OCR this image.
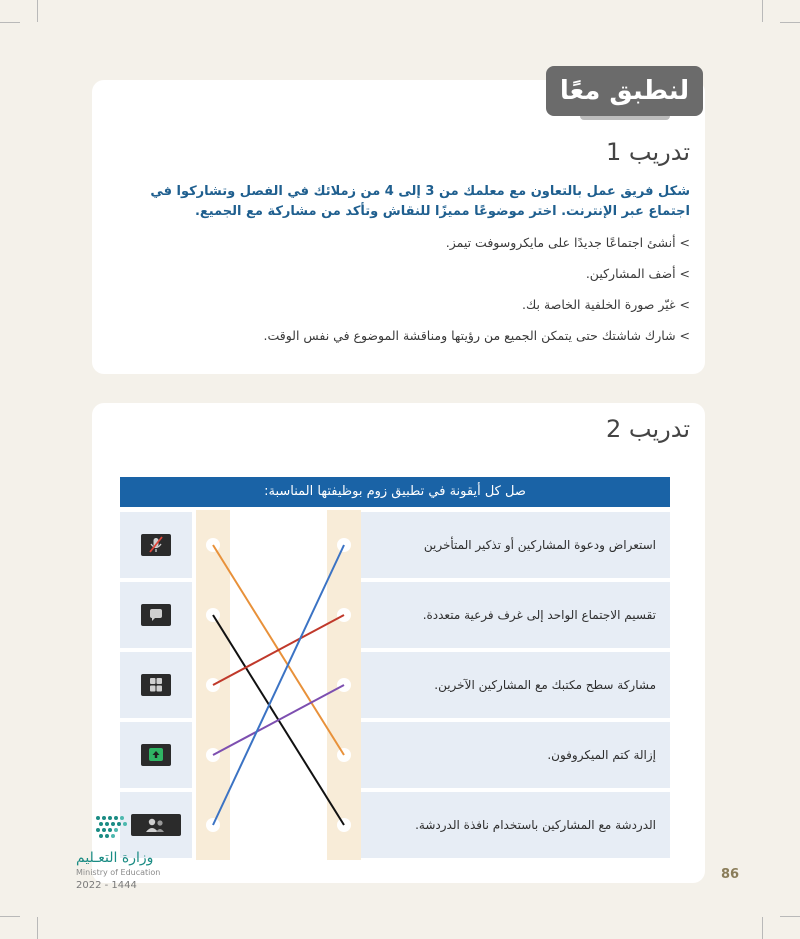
لنطبق معًا
تدريب 1
شكل فريق عمل بالتعاون مع معلمك من 3 إلى 4 من زملائك في الفصل وتشاركوا في اجتماع عبر الإنترنت. اختر موضوعًا مميزًا للنقاش وتأكد من مشاركة مع الجميع.
> أنشئ اجتماعًا جديدًا على مايكروسوفت تيمز.
> أضف المشاركين.
> غيّر صورة الخلفية الخاصة بك.
> شارك شاشتك حتى يتمكن الجميع من رؤيتها ومناقشة الموضوع في نفس الوقت.
تدريب 2
صل كل أيقونة في تطبيق زوم بوظيفتها المناسبة:
استعراض ودعوة المشاركين أو تذكير المتأخرين
تقسيم الاجتماع الواحد إلى غرف فرعية متعددة.
مشاركة سطح مكتبك مع المشاركين الآخرين.
إزالة كتم الميكروفون.
الدردشة مع المشاركين باستخدام نافذة الدردشة.
وزارة التعـليم
Ministry of Education
2022 - 1444
86
